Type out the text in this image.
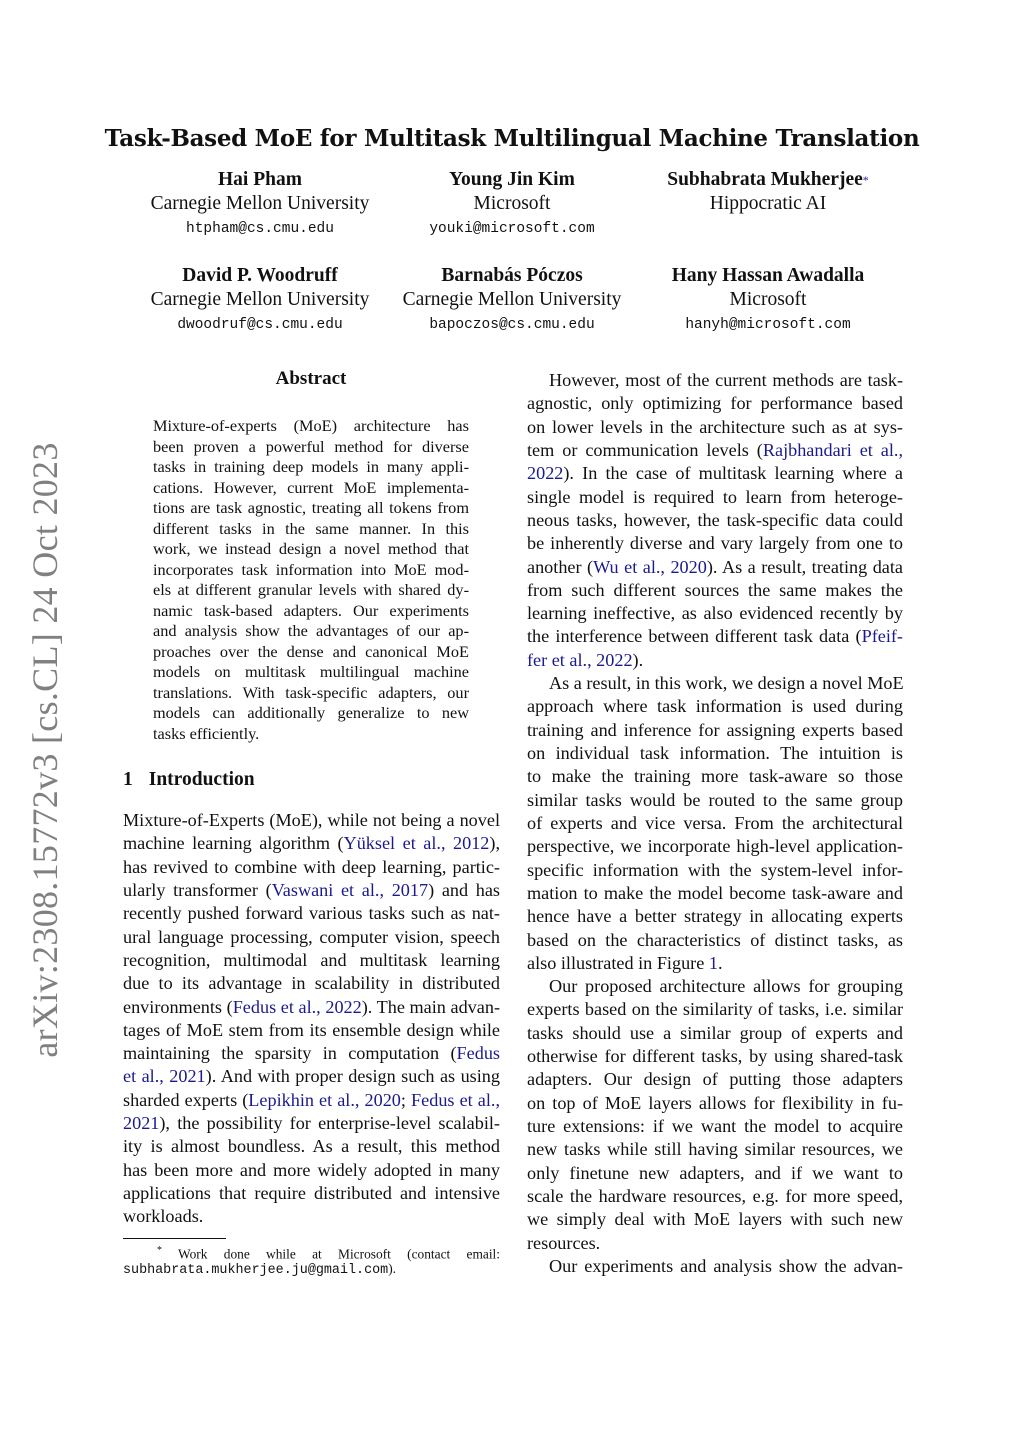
arXiv:2308.15772v3 [cs.CL] 24 Oct 2023
Task-Based MoE for Multitask Multilingual Machine Translation
Hai Pham
Carnegie Mellon University
htpham@cs.cmu.edu
Young Jin Kim
Microsoft
youki@microsoft.com
Subhabrata Mukherjee*
Hippocratic AI
David P. Woodruff
Carnegie Mellon University
dwoodruf@cs.cmu.edu
Barnabás Póczos
Carnegie Mellon University
bapoczos@cs.cmu.edu
Hany Hassan Awadalla
Microsoft
hanyh@microsoft.com
Abstract
Mixture-of-experts (MoE) architecture has
been proven a powerful method for diverse
tasks in training deep models in many appli-
cations. However, current MoE implementa-
tions are task agnostic, treating all tokens from
different tasks in the same manner. In this
work, we instead design a novel method that
incorporates task information into MoE mod-
els at different granular levels with shared dy-
namic task-based adapters. Our experiments
and analysis show the advantages of our ap-
proaches over the dense and canonical MoE
models on multitask multilingual machine
translations. With task-specific adapters, our
models can additionally generalize to new
tasks efficiently.
1 Introduction
Mixture-of-Experts (MoE), while not being a novel
machine learning algorithm (Yüksel et al., 2012),
has revived to combine with deep learning, partic-
ularly transformer (Vaswani et al., 2017) and has
recently pushed forward various tasks such as nat-
ural language processing, computer vision, speech
recognition, multimodal and multitask learning
due to its advantage in scalability in distributed
environments (Fedus et al., 2022). The main advan-
tages of MoE stem from its ensemble design while
maintaining the sparsity in computation (Fedus
et al., 2021). And with proper design such as using
sharded experts (Lepikhin et al., 2020; Fedus et al.,
2021), the possibility for enterprise-level scalabil-
ity is almost boundless. As a result, this method
has been more and more widely adopted in many
applications that require distributed and intensive
workloads.
* Work done while at Microsoft (contact email:
subhabrata.mukherjee.ju@gmail.com).
However, most of the current methods are task-
agnostic, only optimizing for performance based
on lower levels in the architecture such as at sys-
tem or communication levels (Rajbhandari et al.,
2022). In the case of multitask learning where a
single model is required to learn from heteroge-
neous tasks, however, the task-specific data could
be inherently diverse and vary largely from one to
another (Wu et al., 2020). As a result, treating data
from such different sources the same makes the
learning ineffective, as also evidenced recently by
the interference between different task data (Pfeif-
fer et al., 2022).
As a result, in this work, we design a novel MoE
approach where task information is used during
training and inference for assigning experts based
on individual task information. The intuition is
to make the training more task-aware so those
similar tasks would be routed to the same group
of experts and vice versa. From the architectural
perspective, we incorporate high-level application-
specific information with the system-level infor-
mation to make the model become task-aware and
hence have a better strategy in allocating experts
based on the characteristics of distinct tasks, as
also illustrated in Figure 1.
Our proposed architecture allows for grouping
experts based on the similarity of tasks, i.e. similar
tasks should use a similar group of experts and
otherwise for different tasks, by using shared-task
adapters. Our design of putting those adapters
on top of MoE layers allows for flexibility in fu-
ture extensions: if we want the model to acquire
new tasks while still having similar resources, we
only finetune new adapters, and if we want to
scale the hardware resources, e.g. for more speed,
we simply deal with MoE layers with such new
resources.
Our experiments and analysis show the advan-
